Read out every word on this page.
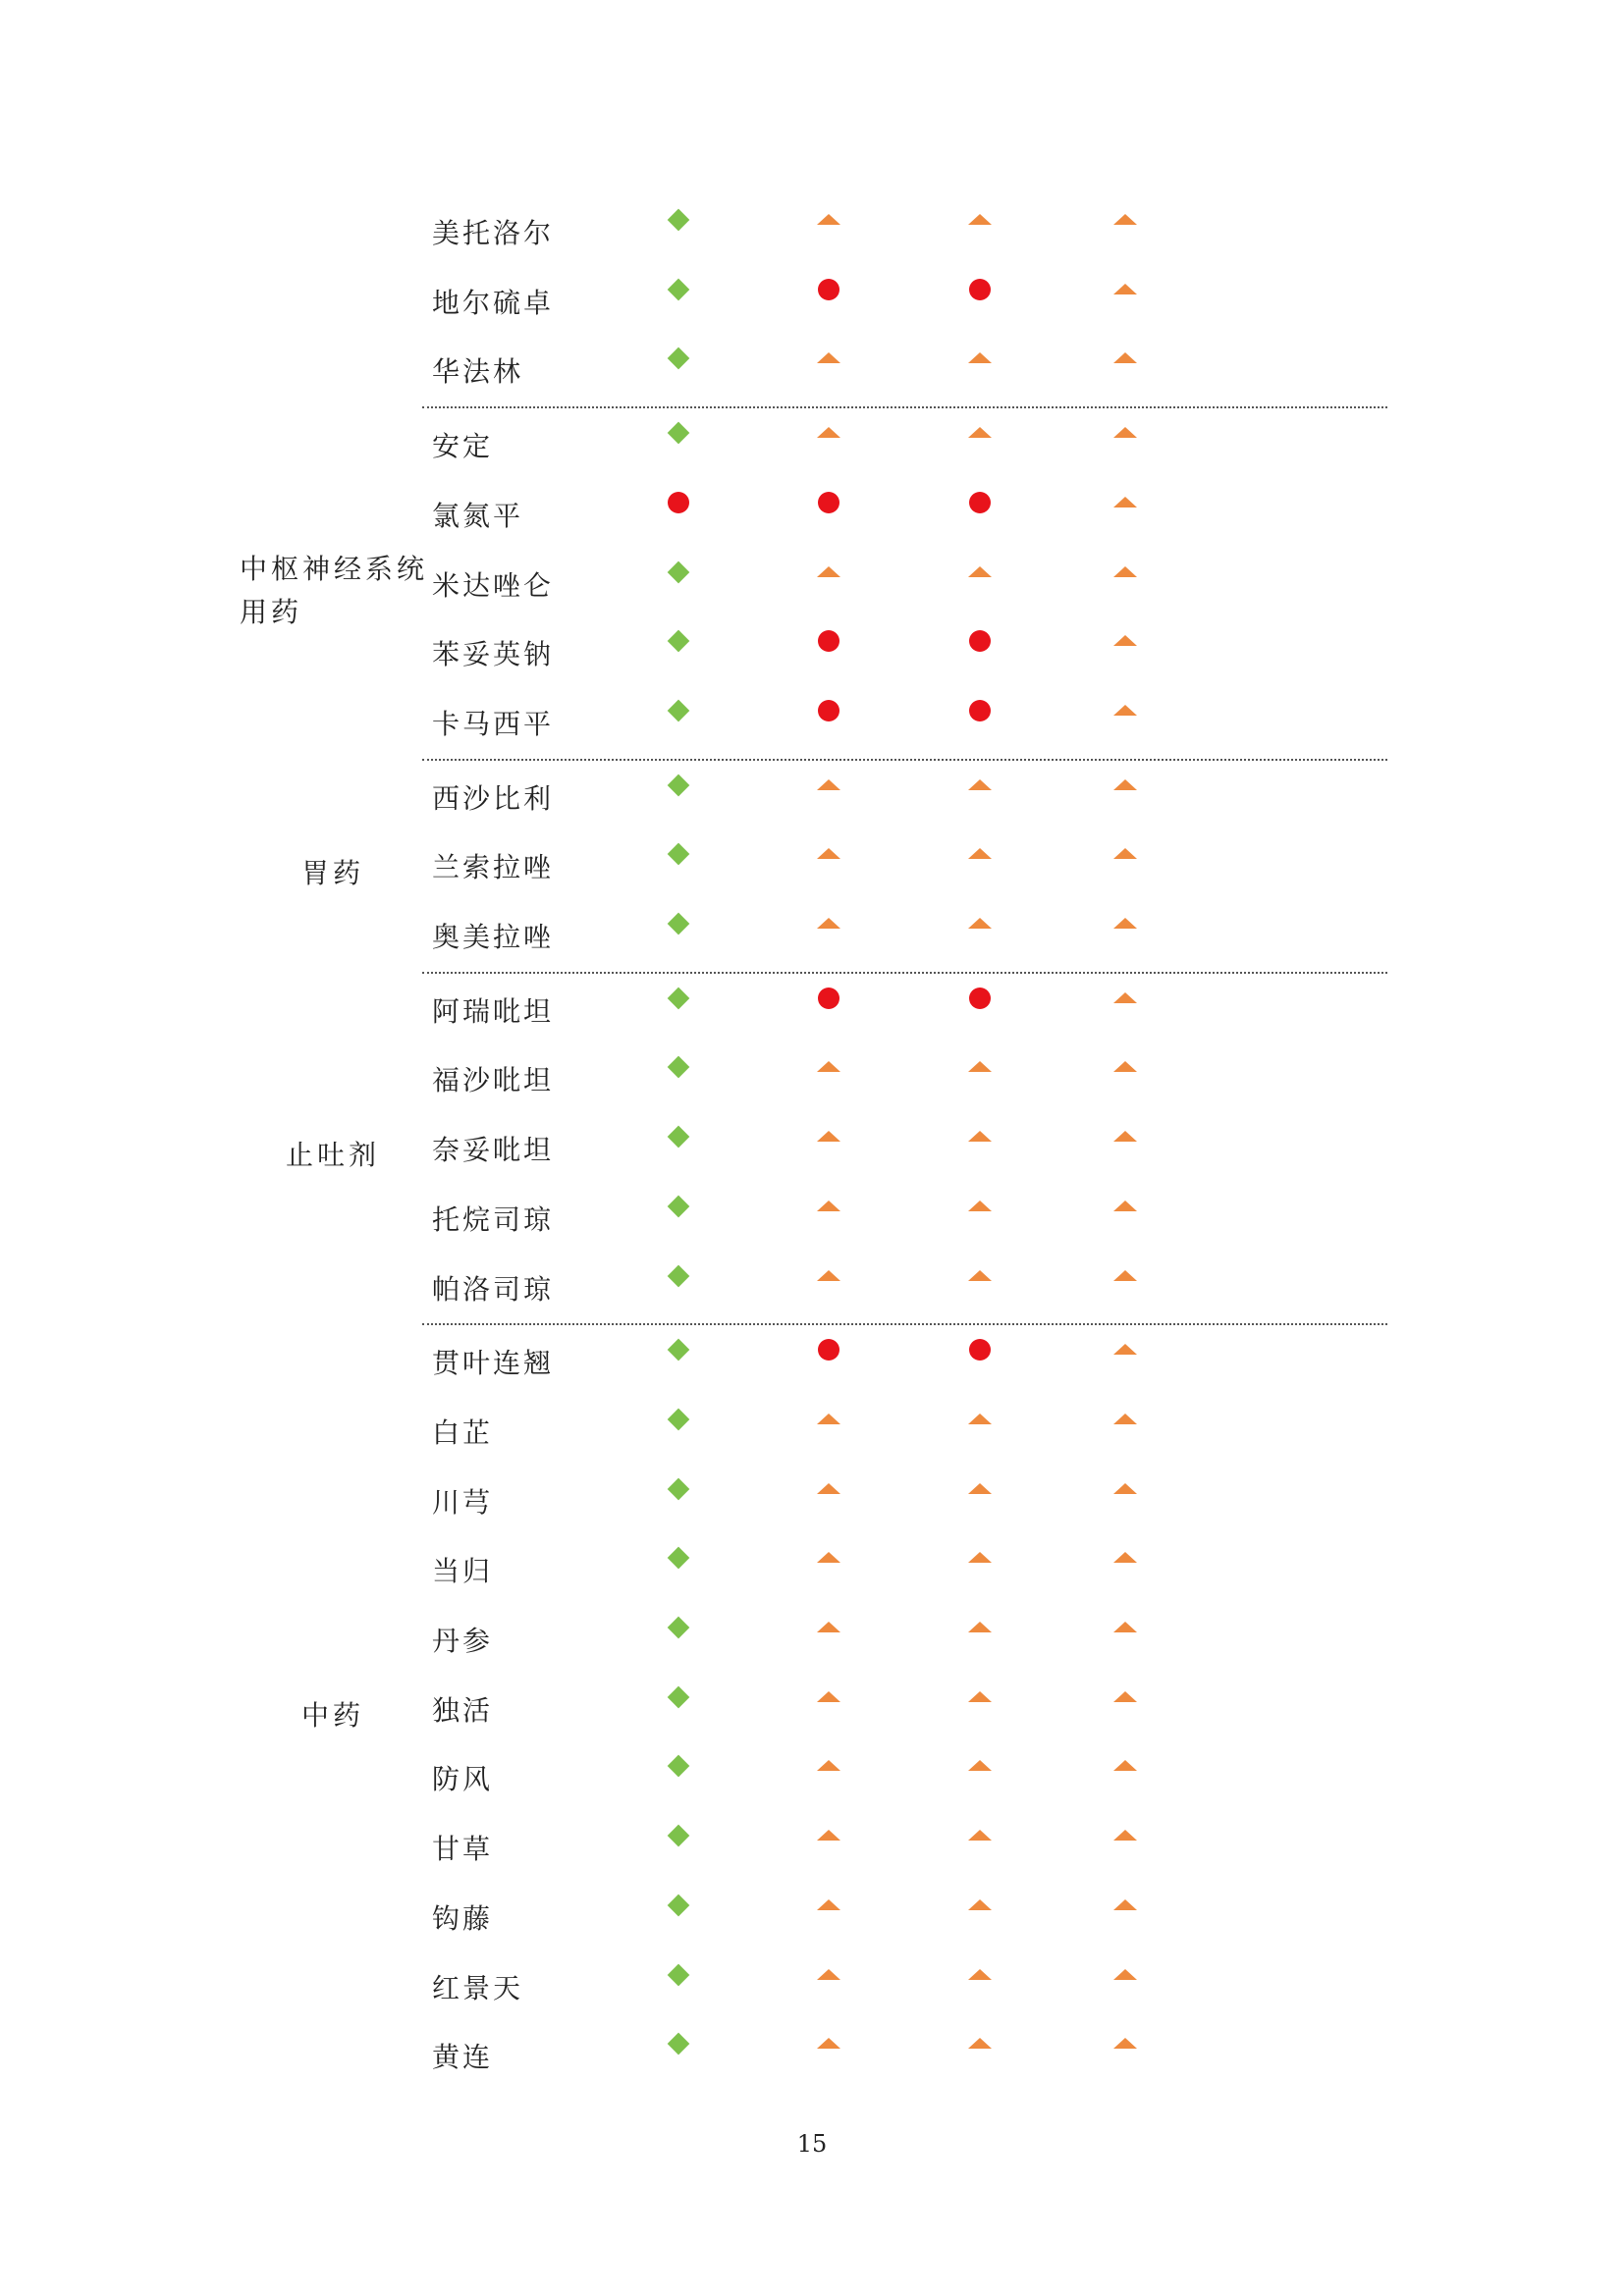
美托洛尔
地尔硫卓
华法林
安定
氯氮平
米达唑仑
苯妥英钠
卡马西平
中枢神经系统用药
西沙比利
兰索拉唑
奥美拉唑
胃药
阿瑞吡坦
福沙吡坦
奈妥吡坦
托烷司琼
帕洛司琼
止吐剂
贯叶连翘
白芷
川芎
当归
丹参
独活
防风
甘草
钩藤
红景天
黄连
中药
15
